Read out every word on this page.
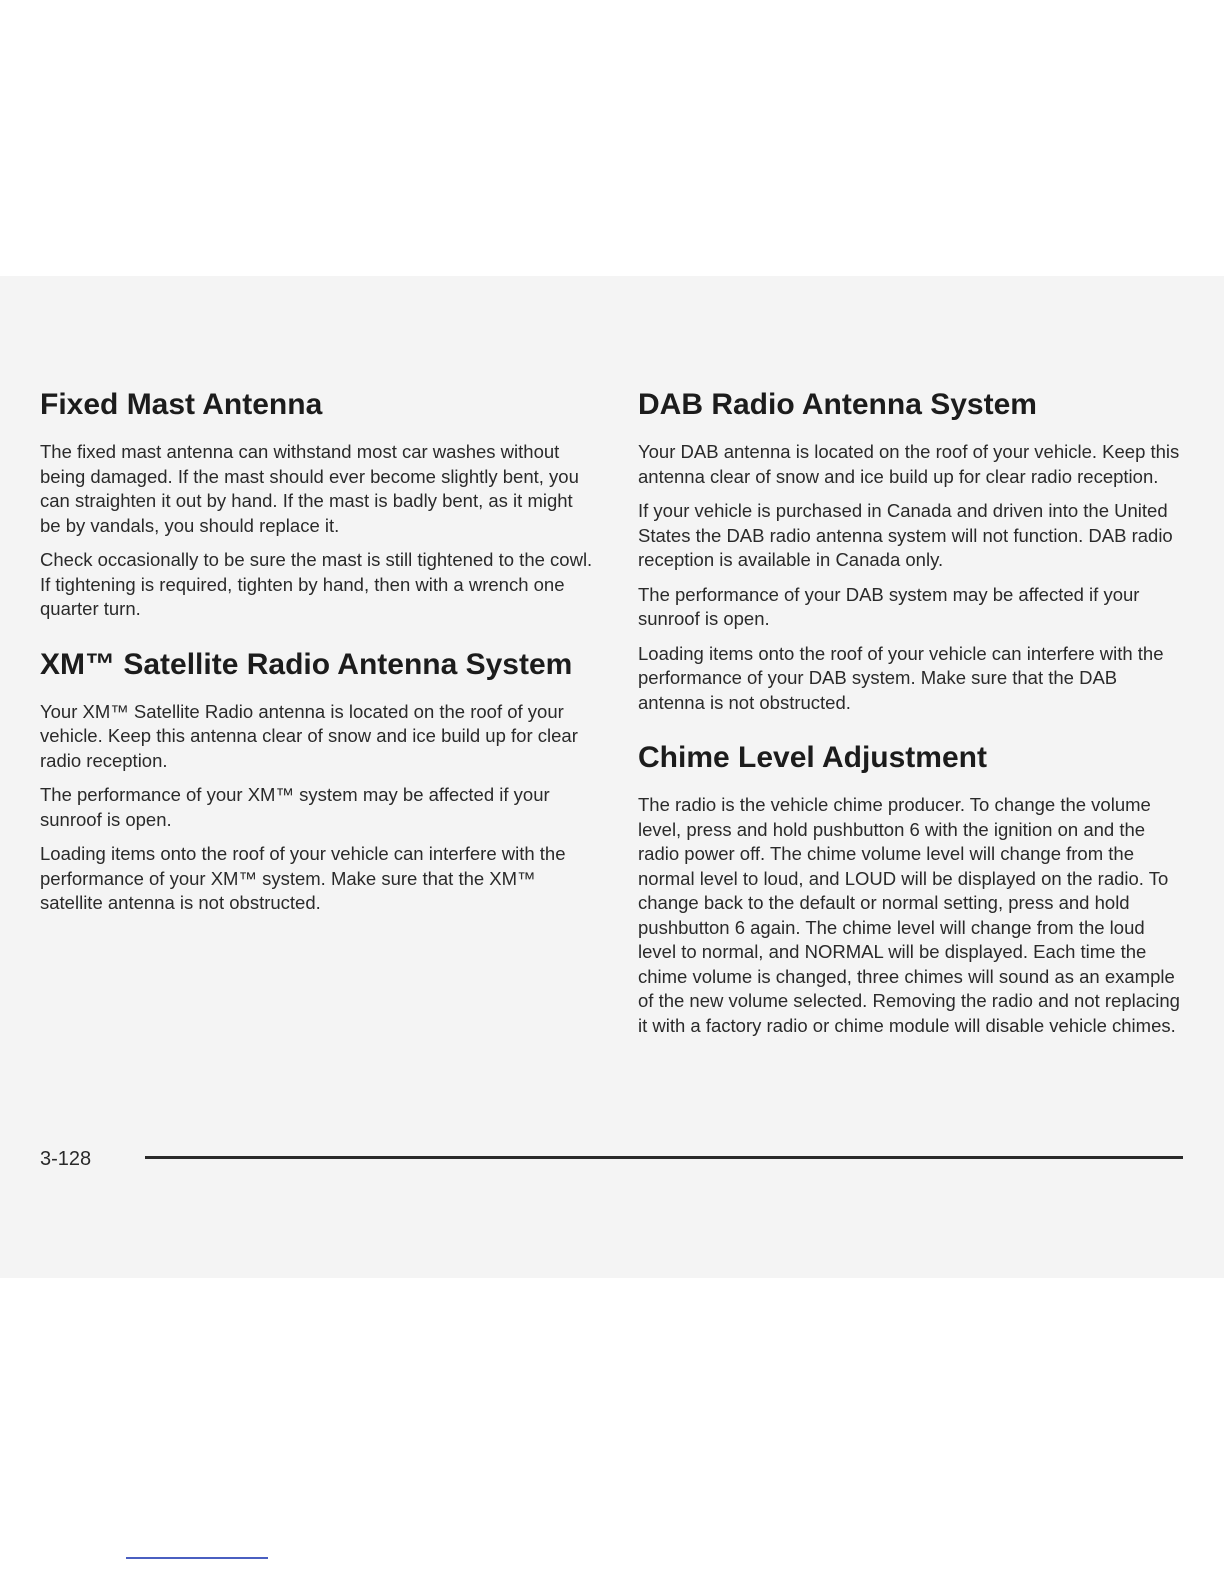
Fixed Mast Antenna

The fixed mast antenna can withstand most car washes without being damaged. If the mast should ever become slightly bent, you can straighten it out by hand. If the mast is badly bent, as it might be by vandals, you should replace it.

Check occasionally to be sure the mast is still tightened to the cowl. If tightening is required, tighten by hand, then with a wrench one quarter turn.

XM™ Satellite Radio Antenna System

Your XM™ Satellite Radio antenna is located on the roof of your vehicle. Keep this antenna clear of snow and ice build up for clear radio reception.

The performance of your XM™ system may be affected if your sunroof is open.

Loading items onto the roof of your vehicle can interfere with the performance of your XM™ system. Make sure that the XM™ satellite antenna is not obstructed.

DAB Radio Antenna System

Your DAB antenna is located on the roof of your vehicle. Keep this antenna clear of snow and ice build up for clear radio reception.

If your vehicle is purchased in Canada and driven into the United States the DAB radio antenna system will not function. DAB radio reception is available in Canada only.

The performance of your DAB system may be affected if your sunroof is open.

Loading items onto the roof of your vehicle can interfere with the performance of your DAB system. Make sure that the DAB antenna is not obstructed.

Chime Level Adjustment

The radio is the vehicle chime producer. To change the volume level, press and hold pushbutton 6 with the ignition on and the radio power off. The chime volume level will change from the normal level to loud, and LOUD will be displayed on the radio. To change back to the default or normal setting, press and hold pushbutton 6 again. The chime level will change from the loud level to normal, and NORMAL will be displayed. Each time the chime volume is changed, three chimes will sound as an example of the new volume selected. Removing the radio and not replacing it with a factory radio or chime module will disable vehicle chimes.

3-128
